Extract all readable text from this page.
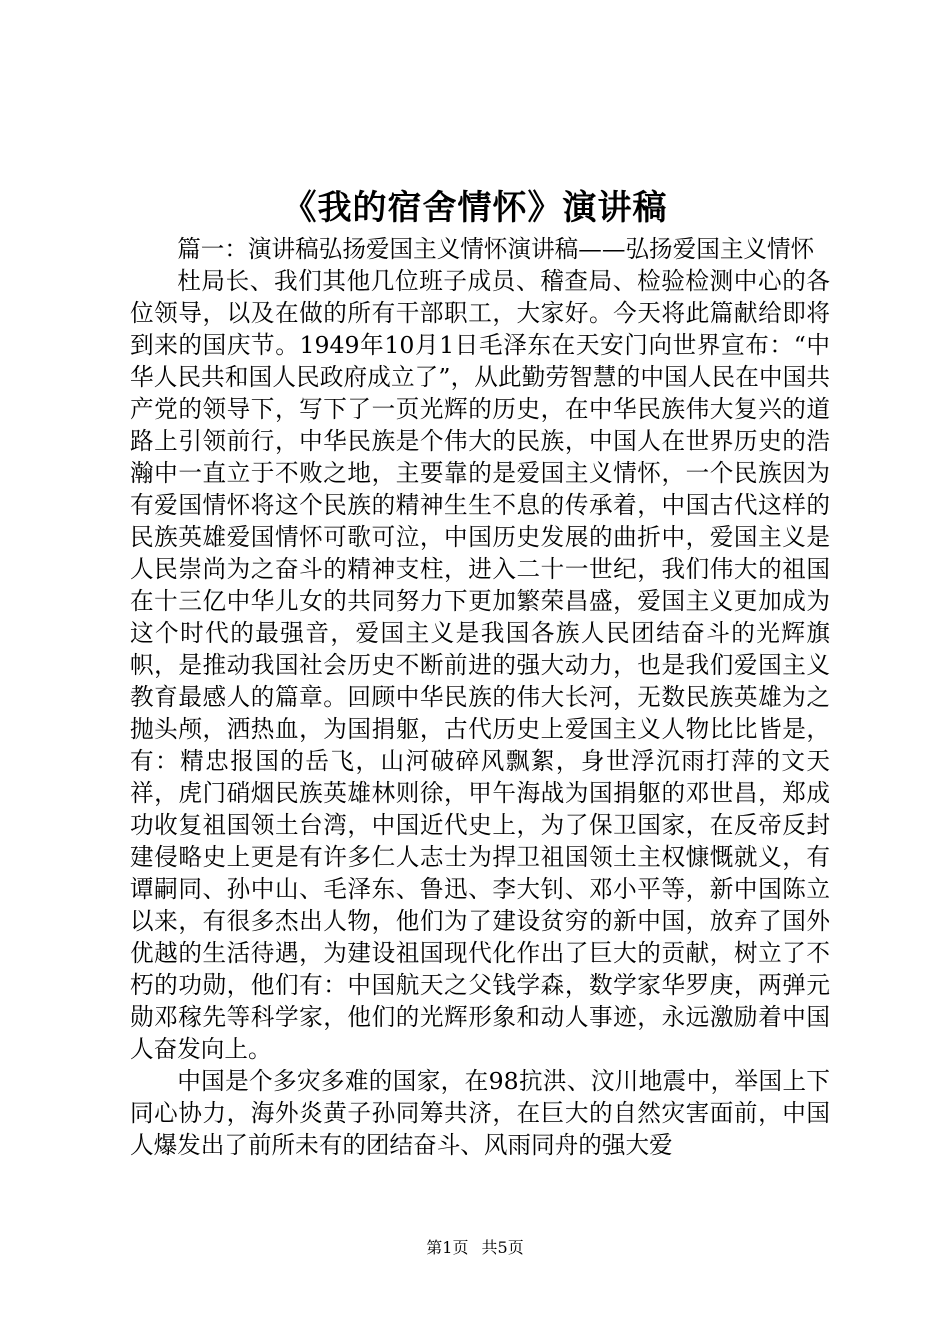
《我的宿舍情怀》演讲稿

篇一：演讲稿弘扬爱国主义情怀演讲稿——弘扬爱国主义情怀

杜局长、我们其他几位班子成员、稽查局、检验检测中心的各位领导，以及在做的所有干部职工，大家好。今天将此篇献给即将到来的国庆节。1949年10月1日毛泽东在天安门向世界宣布：“中华人民共和国人民政府成立了”，从此勤劳智慧的中国人民在中国共产党的领导下，写下了一页光辉的历史，在中华民族伟大复兴的道路上引领前行，中华民族是个伟大的民族，中国人在世界历史的浩瀚中一直立于不败之地，主要靠的是爱国主义情怀，一个民族因为有爱国情怀将这个民族的精神生生不息的传承着，中国古代这样的民族英雄爱国情怀可歌可泣，中国历史发展的曲折中，爱国主义是人民崇尚为之奋斗的精神支柱，进入二十一世纪，我们伟大的祖国在十三亿中华儿女的共同努力下更加繁荣昌盛，爱国主义更加成为这个时代的最强音，爱国主义是我国各族人民团结奋斗的光辉旗帜，是推动我国社会历史不断前进的强大动力，也是我们爱国主义教育最感人的篇章。回顾中华民族的伟大长河，无数民族英雄为之抛头颅，洒热血，为国捐躯，古代历史上爱国主义人物比比皆是，有：精忠报国的岳飞，山河破碎风飘絮，身世浮沉雨打萍的文天祥，虎门硝烟民族英雄林则徐，甲午海战为国捐躯的邓世昌，郑成功收复祖国领土台湾，中国近代史上，为了保卫国家，在反帝反封建侵略史上更是有许多仁人志士为捍卫祖国领土主权慷慨就义，有谭嗣同、孙中山、毛泽东、鲁迅、李大钊、邓小平等，新中国陈立以来，有很多杰出人物，他们为了建设贫穷的新中国，放弃了国外优越的生活待遇，为建设祖国现代化作出了巨大的贡献，树立了不朽的功勋，他们有：中国航天之父钱学森，数学家华罗庚，两弹元勋邓稼先等科学家，他们的光辉形象和动人事迹，永远激励着中国人奋发向上。

中国是个多灾多难的国家，在98抗洪、汶川地震中，举国上下同心协力，海外炎黄子孙同筹共济，在巨大的自然灾害面前，中国人爆发出了前所未有的团结奋斗、风雨同舟的强大爱

第1页 共5页
